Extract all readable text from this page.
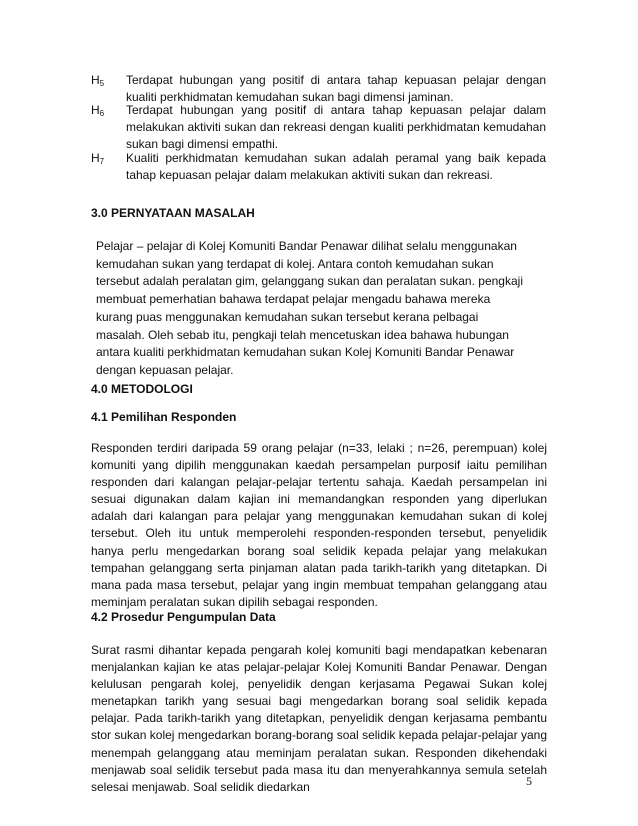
$H_5$ Terdapat hubungan yang positif di antara tahap kepuasan pelajar dengan kualiti perkhidmatan kemudahan sukan bagi dimensi jaminan.
$H_6$ Terdapat hubungan yang positif di antara tahap kepuasan pelajar dalam melakukan aktiviti sukan dan rekreasi dengan kualiti perkhidmatan kemudahan sukan bagi dimensi empathi.
$H_7$ Kualiti perkhidmatan kemudahan sukan adalah peramal yang baik kepada tahap kepuasan pelajar dalam melakukan aktiviti sukan dan rekreasi.
3.0 PERNYATAAN MASALAH
Pelajar – pelajar di Kolej Komuniti Bandar Penawar dilihat selalu menggunakan
kemudahan sukan yang terdapat di kolej. Antara contoh kemudahan sukan
tersebut adalah peralatan gim, gelanggang sukan dan peralatan sukan. pengkaji
membuat pemerhatian bahawa terdapat pelajar mengadu bahawa mereka
kurang puas menggunakan kemudahan sukan tersebut kerana pelbagai
masalah. Oleh sebab itu, pengkaji telah mencetuskan idea bahawa hubungan
antara kualiti perkhidmatan kemudahan sukan Kolej Komuniti Bandar Penawar
dengan kepuasan pelajar.
4.0 METODOLOGI
4.1 Pemilihan Responden
Responden terdiri daripada 59 orang pelajar (n=33, lelaki ; n=26, perempuan) kolej komuniti yang dipilih menggunakan kaedah persampelan purposif iaitu pemilihan responden dari kalangan pelajar-pelajar tertentu sahaja. Kaedah persampelan ini sesuai digunakan dalam kajian ini memandangkan responden yang diperlukan adalah dari kalangan para pelajar yang menggunakan kemudahan sukan di kolej tersebut. Oleh itu untuk memperolehi responden-responden tersebut, penyelidik hanya perlu mengedarkan borang soal selidik kepada pelajar yang melakukan tempahan gelanggang serta pinjaman alatan pada tarikh-tarikh yang ditetapkan. Di mana pada masa tersebut, pelajar yang ingin membuat tempahan gelanggang atau meminjam peralatan sukan dipilih sebagai responden.
4.2 Prosedur Pengumpulan Data
Surat rasmi dihantar kepada pengarah kolej komuniti bagi mendapatkan kebenaran menjalankan kajian ke atas pelajar-pelajar Kolej Komuniti Bandar Penawar. Dengan kelulusan pengarah kolej, penyelidik dengan kerjasama Pegawai Sukan kolej menetapkan tarikh yang sesuai bagi mengedarkan borang soal selidik kepada pelajar. Pada tarikh-tarikh yang ditetapkan, penyelidik dengan kerjasama pembantu stor sukan kolej mengedarkan borang-borang soal selidik kepada pelajar-pelajar yang menempah gelanggang atau meminjam peralatan sukan. Responden dikehendaki menjawab soal selidik tersebut pada masa itu dan menyerahkannya semula setelah selesai menjawab. Soal selidik diedarkan	5
